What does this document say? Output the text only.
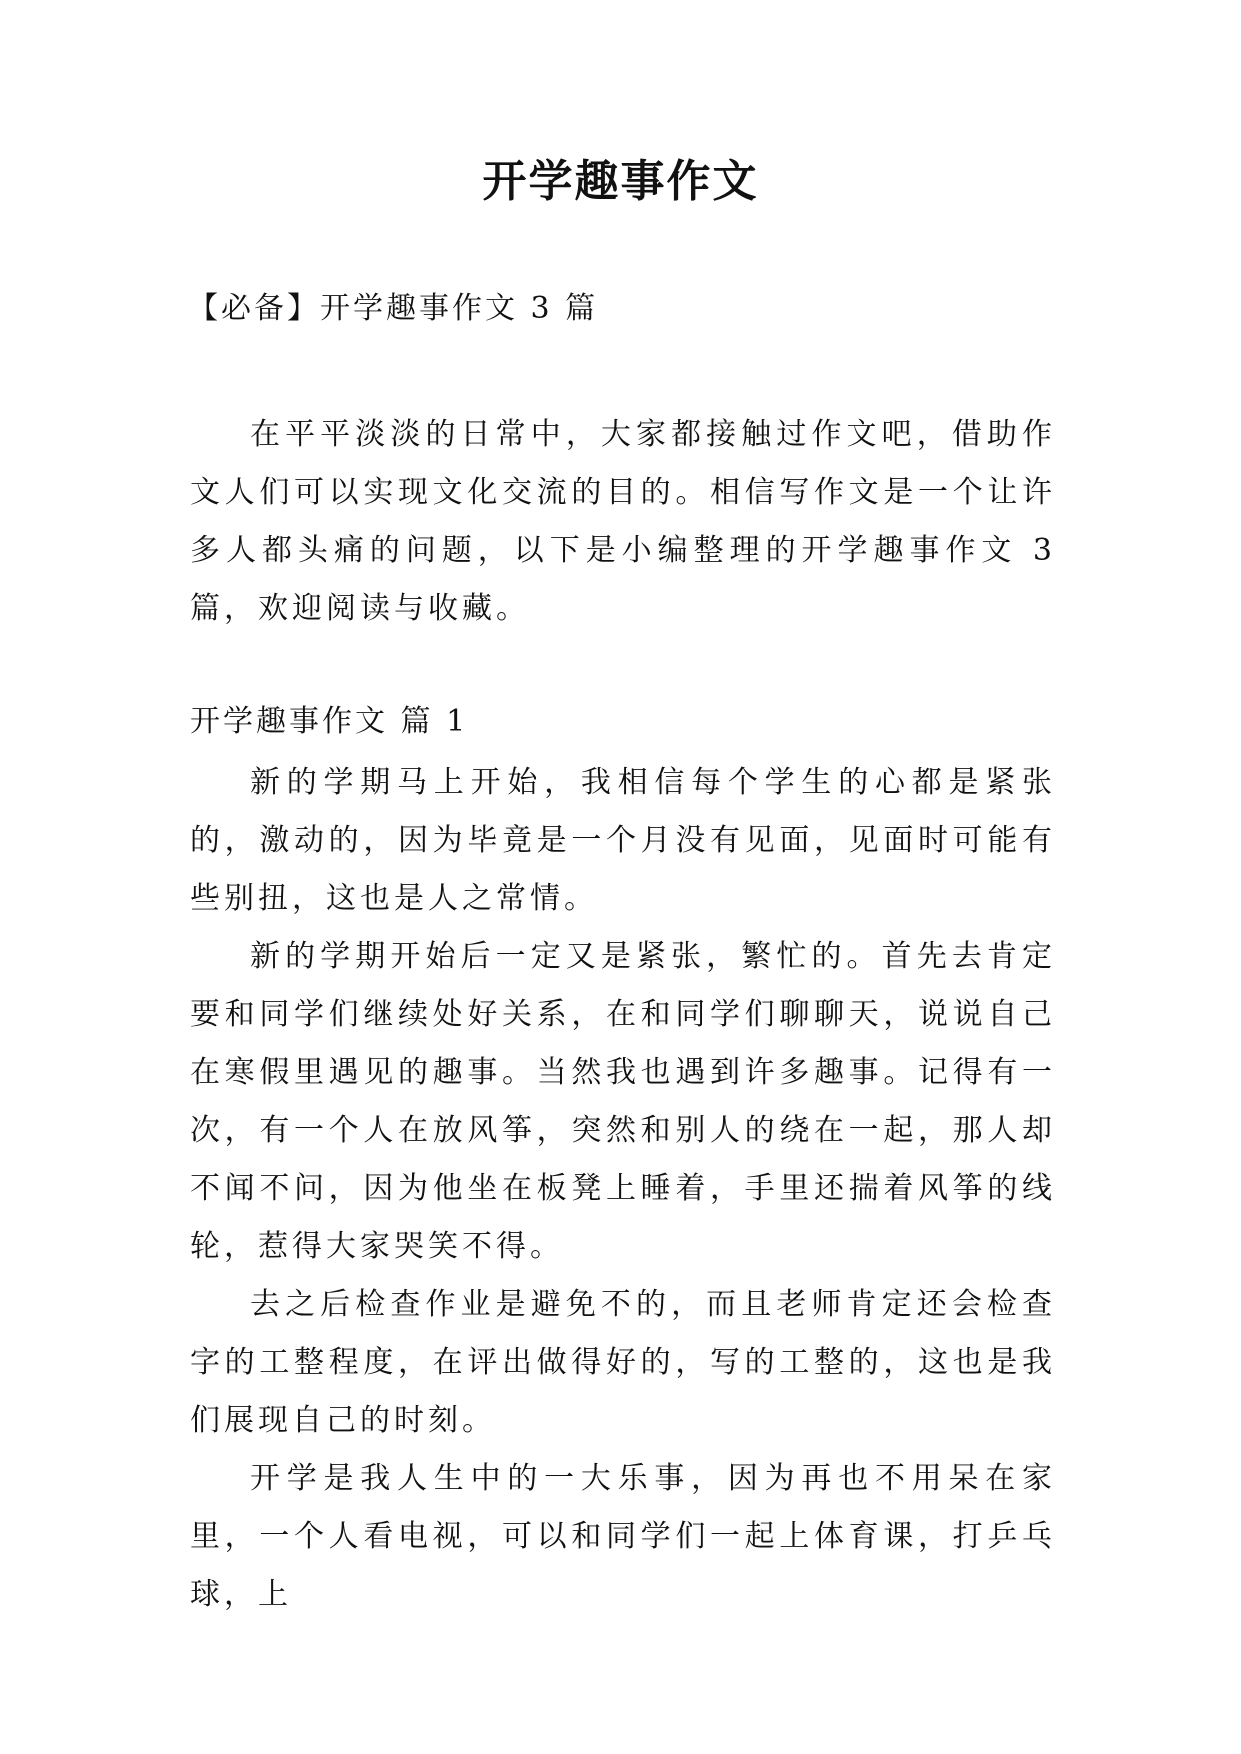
开学趣事作文
【必备】开学趣事作文 3 篇

在平平淡淡的日常中，大家都接触过作文吧，借助作文人们可以实现文化交流的目的。相信写作文是一个让许多人都头痛的问题，以下是小编整理的开学趣事作文 3 篇，欢迎阅读与收藏。

开学趣事作文 篇 1

新的学期马上开始，我相信每个学生的心都是紧张的，激动的，因为毕竟是一个月没有见面，见面时可能有些别扭，这也是人之常情。

新的学期开始后一定又是紧张，繁忙的。首先去肯定要和同学们继续处好关系，在和同学们聊聊天，说说自己在寒假里遇见的趣事。当然我也遇到许多趣事。记得有一次，有一个人在放风筝，突然和别人的绕在一起，那人却不闻不问，因为他坐在板凳上睡着，手里还揣着风筝的线轮，惹得大家哭笑不得。

去之后检查作业是避免不的，而且老师肯定还会检查字的工整程度，在评出做得好的，写的工整的，这也是我们展现自己的时刻。

开学是我人生中的一大乐事，因为再也不用呆在家里，一个人看电视，可以和同学们一起上体育课，打乒乓球，上
